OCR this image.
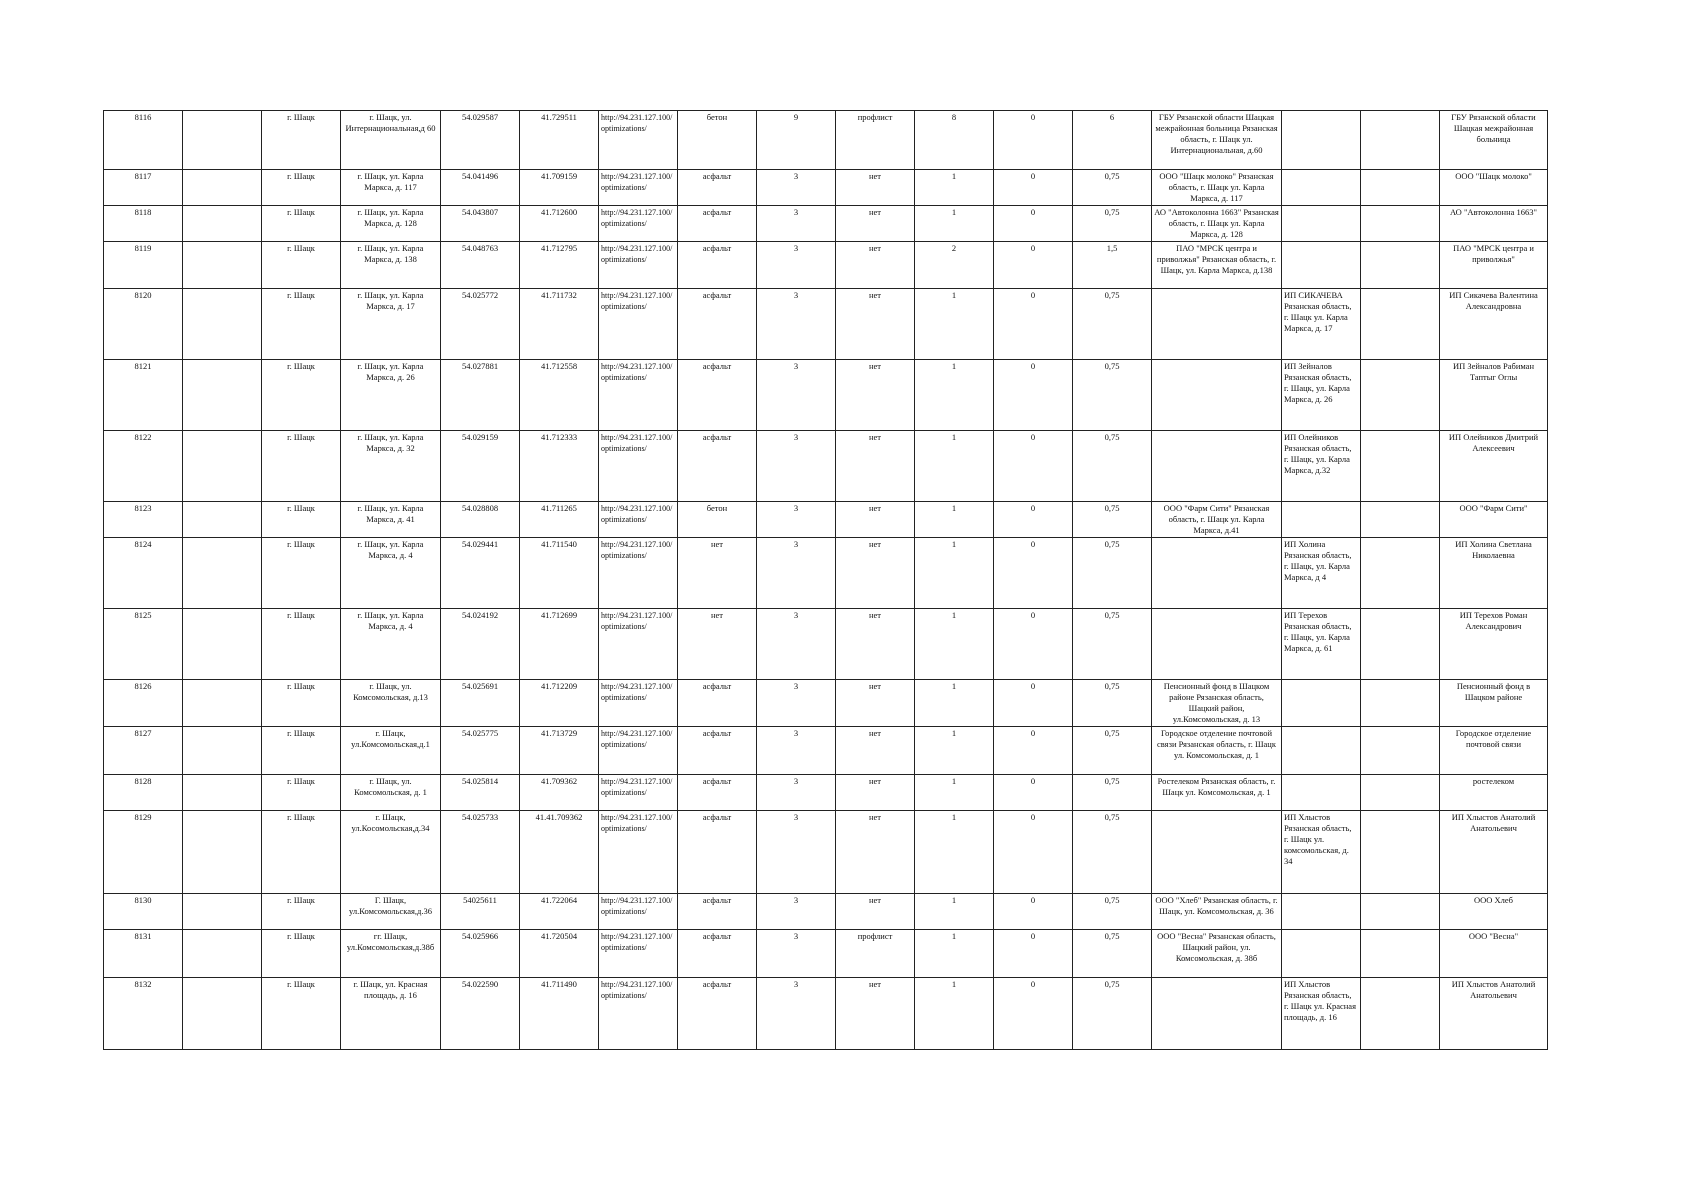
8116		г. Шацк	г. Шацк, ул. Интернациональная,д 60	54.029587	41.729511	http://94.231.127.100/optimizations/	бетон	9	профлист	8	0	6	ГБУ Рязанской области Шацкая межрайонная больница Рязанская область, г. Шацк ул. Интернациональная, д.60			ГБУ Рязанской области Шацкая межрайонная больница
8117		г. Шацк	г. Шацк, ул. Карла Маркса, д. 117	54.041496	41.709159	http://94.231.127.100/optimizations/	асфальт	3	нет	1	0	0,75	ООО "Шацк молоко" Рязанская область, г. Шацк ул. Карла Маркса, д. 117			ООО "Шацк молоко"
8118		г. Шацк	г. Шацк, ул. Карла Маркса, д. 128	54.043807	41.712600	http://94.231.127.100/optimizations/	асфальт	3	нет	1	0	0,75	АО "Автоколонна 1663" Рязанская область, г. Шацк ул. Карла Маркса, д. 128			АО "Автоколонна 1663"
8119		г. Шацк	г. Шацк, ул. Карла Маркса, д. 138	54.048763	41.712795	http://94.231.127.100/optimizations/	асфальт	3	нет	2	0	1,5	ПАО "МРСК центра и приволжья" Рязанская область, г. Шацк, ул. Карла Маркса, д.138			ПАО "МРСК центра и приволжья"
8120		г. Шацк	г. Шацк, ул. Карла Маркса, д. 17	54.025772	41.711732	http://94.231.127.100/optimizations/	асфальт	3	нет	1	0	0,75		ИП СИКАЧЕВА Рязанская область, г. Шацк ул. Карла Маркса, д. 17		ИП Сикачева Валентина Александровна
8121		г. Шацк	г. Шацк, ул. Карла Маркса, д. 26	54.027881	41.712558	http://94.231.127.100/optimizations/	асфальт	3	нет	1	0	0,75		ИП Зейналов Рязанская область, г. Шацк, ул. Карла Маркса, д. 26		ИП Зейналов Рабиман Таптыг Оглы
8122		г. Шацк	г. Шацк, ул. Карла Маркса, д. 32	54.029159	41.712333	http://94.231.127.100/optimizations/	асфальт	3	нет	1	0	0,75		ИП Олейников Рязанская область, г. Шацк, ул. Карла Маркса, д.32		ИП Олейников Дмитрий Алексеевич
8123		г. Шацк	г. Шацк, ул. Карла Маркса, д. 41	54.028808	41.711265	http://94.231.127.100/optimizations/	бетон	3	нет	1	0	0,75	ООО "Фарм Сити" Рязанская область, г. Шацк ул. Карла Маркса, д.41			ООО "Фарм Сити"
8124		г. Шацк	г. Шацк, ул. Карла Маркса, д. 4	54.029441	41.711540	http://94.231.127.100/optimizations/	нет	3	нет	1	0	0,75		ИП Холина Рязанская область, г. Шацк, ул. Карла Маркса, д 4		ИП Холина Светлана Николаевна
8125		г. Шацк	г. Шацк, ул. Карла Маркса, д. 4	54.024192	41.712699	http://94.231.127.100/optimizations/	нет	3	нет	1	0	0,75		ИП Терехов Рязанская область, г. Шацк, ул. Карла Маркса, д. 61		ИП Терехов Роман Александрович
8126		г. Шацк	г. Шацк, ул. Комсомольская, д.13	54.025691	41.712209	http://94.231.127.100/optimizations/	асфальт	3	нет	1	0	0,75	Пенсионный фонд в Шацком районе Рязанская область, Шацкий район, ул.Комсомольская, д. 13			Пенсионный фонд в Шацком районе
8127		г. Шацк	г. Шацк, ул.Комсомольская,д.1	54.025775	41.713729	http://94.231.127.100/optimizations/	асфальт	3	нет	1	0	0,75	Городское отделение почтовой связи Рязанская область, г. Шацк ул. Комсомольская, д. 1			Городское отделение почтовой связи
8128		г. Шацк	г. Шацк, ул. Комсомольская, д. 1	54.025814	41.709362	http://94.231.127.100/optimizations/	асфальт	3	нет	1	0	0,75	Ростелеком Рязанская область, г. Шацк ул. Комсомольская, д. 1			ростелеком
8129		г. Шацк	г. Шацк, ул.Косомольская,д.34	54.025733	41.41.709362	http://94.231.127.100/optimizations/	асфальт	3	нет	1	0	0,75		ИП Хлыстов Рязанская область, г. Шацк ул. комсомольская, д. 34		ИП Хлыстов Анатолий Анатольевич
8130		г. Шацк	Г. Шацк, ул.Комсомольская,д.36	54025611	41.722064	http://94.231.127.100/optimizations/	асфальт	3	нет	1	0	0,75	ООО "Хлеб" Рязанская область, г. Шацк, ул. Комсомольская, д. 36			ООО Хлеб
8131		г. Шацк	гг. Шацк, ул.Комсомольская,д.38б	54.025966	41.720504	http://94.231.127.100/optimizations/	асфальт	3	профлист	1	0	0,75	ООО "Весна" Рязанская область, Шацкий район, ул. Комсомольская, д. 38б			ООО "Весна"
8132		г. Шацк	г. Шацк, ул. Красная площадь, д. 16	54.022590	41.711490	http://94.231.127.100/optimizations/	асфальт	3	нет	1	0	0,75		ИП Хлыстов Рязанская область, г. Шацк ул. Красная площадь, д. 16		ИП Хлыстов Анатолий Анатольевич
